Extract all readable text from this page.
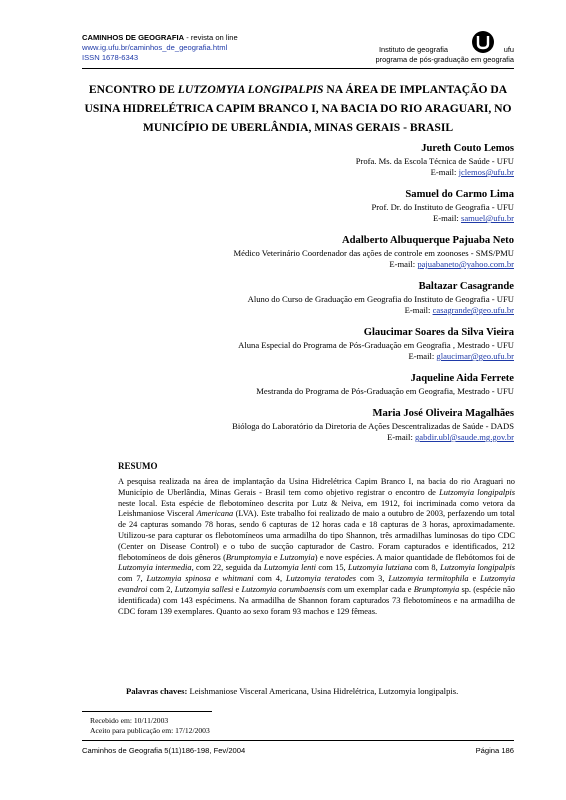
CAMINHOS DE GEOGRAFIA - revista on line
www.ig.ufu.br/caminhos_de_geografia.html
ISSN 1678-6343
Instituto de geografia	ufu
programa de pós-graduação em geografia
ENCONTRO DE LUTZOMYIA LONGIPALPIS NA ÁREA DE IMPLANTAÇÃO DA USINA HIDRELÉTRICA CAPIM BRANCO I, NA BACIA DO RIO ARAGUARI, NO MUNICÍPIO DE UBERLÂNDIA, MINAS GERAIS - BRASIL
Jureth Couto Lemos
Profa. Ms. da Escola Técnica de Saúde - UFU
E-mail: jclemos@ufu.br
Samuel do Carmo Lima
Prof. Dr. do Instituto de Geografia - UFU
E-mail: samuel@ufu.br
Adalberto Albuquerque Pajuaba Neto
Médico Veterinário Coordenador das ações de controle em zoonoses - SMS/PMU
E-mail: pajuabaneto@yahoo.com.br
Baltazar Casagrande
Aluno do Curso de Graduação em Geografia do Instituto de Geografia - UFU
E-mail: casagrande@geo.ufu.br
Glaucimar Soares da Silva Vieira
Aluna Especial do Programa de Pós-Graduação em Geografia , Mestrado - UFU
E-mail: glaucimar@geo.ufu.br
Jaqueline Aida Ferrete
Mestranda do Programa de Pós-Graduação em Geografia, Mestrado - UFU
Maria José Oliveira Magalhães
Bióloga do Laboratório da Diretoria de Ações Descentralizadas de Saúde - DADS
E-mail: gabdir.ubl@saude.mg.gov.br
RESUMO
A pesquisa realizada na área de implantação da Usina Hidrelétrica Capim Branco I, na bacia do rio Araguari no Município de Uberlândia, Minas Gerais - Brasil tem como objetivo registrar o encontro de Lutzomyia longipalpis neste local. Esta espécie de flebotomíneo descrita por Lutz & Neiva, em 1912, foi incriminada como vetora da Leishmaniose Visceral Americana (LVA). Este trabalho foi realizado de maio a outubro de 2003, perfazendo um total de 24 capturas somando 78 horas, sendo 6 capturas de 12 horas cada e 18 capturas de 3 horas, aproximadamente. Utilizou-se para capturar os flebotomíneos uma armadilha do tipo Shannon, três armadilhas luminosas do tipo CDC (Center on Disease Control) e o tubo de sucção capturador de Castro. Foram capturados e identificados, 212 flebotomíneos de dois gêneros (Brumptomyia e Lutzomyia) e nove espécies. A maior quantidade de flebótomos foi de Lutzomyia intermedia, com 22, seguida da Lutzomyia lenti com 15, Lutzomyia lutziana com 8, Lutzomyia longipalpis com 7, Lutzomyia spinosa e whitmani com 4, Lutzomyia teratodes com 3, Lutzomyia termitophila e Lutzomyia evandroi com 2, Lutzomyia sallesi e Lutzomyia corumbaensis com um exemplar cada e Brumptomyia sp. (espécie não identificada) com 143 espécimens. Na armadilha de Shannon foram capturados 73 flebotomíneos e na armadilha de CDC foram 139 exemplares. Quanto ao sexo foram 93 machos e 129 fêmeas.
Palavras chaves: Leishmaniose Visceral Americana, Usina Hidrelétrica, Lutzomyia longipalpis.
Recebido em: 10/11/2003
Aceito para publicação em: 17/12/2003
Caminhos de Geografia 5(11)186-198, Fev/2004	Página 186
